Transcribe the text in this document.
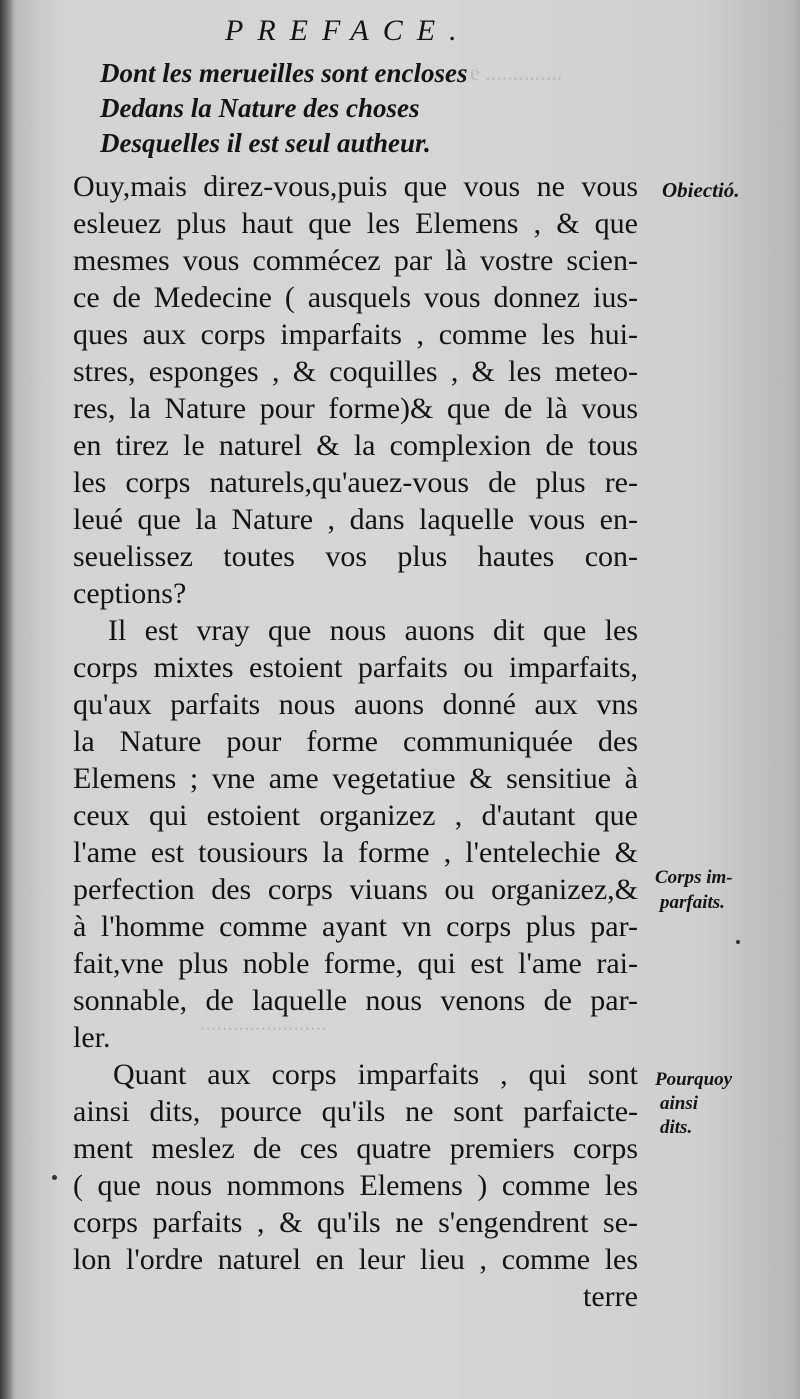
e ..............
.......................
PREFACE.
Dont les merueilles sont encloses
Dedans la Nature des choses
Desquelles il est seul autheur.
Ouy,mais direz-vous,puis que vous ne vous
esleuez plus haut que les Elemens , & que
mesmes vous commécez par là vostre scien-
ce de Medecine ( ausquels vous donnez ius-
ques aux corps imparfaits , comme les hui-
stres, esponges , & coquilles , & les meteo-
res, la Nature pour forme)& que de là vous
en tirez le naturel & la complexion de tous
les corps naturels,qu'auez-vous de plus re-
leué que la Nature , dans laquelle vous en-
seuelissez toutes vos plus hautes con-
ceptions?
Il est vray que nous auons dit que les
corps mixtes estoient parfaits ou imparfaits,
qu'aux parfaits nous auons donné aux vns
la Nature pour forme communiquée des
Elemens ; vne ame vegetatiue & sensitiue à
ceux qui estoient organizez , d'autant que
l'ame est tousiours la forme , l'entelechie &
perfection des corps viuans ou organizez,&
à l'homme comme ayant vn corps plus par-
fait,vne plus noble forme, qui est l'ame rai-
sonnable, de laquelle nous venons de par-
ler.
Quant aux corps imparfaits , qui sont
ainsi dits, pource qu'ils ne sont parfaicte-
ment meslez de ces quatre premiers corps
( que nous nommons Elemens ) comme les
corps parfaits , & qu'ils ne s'engendrent se-
lon l'ordre naturel en leur lieu , comme les
terre
Obiectió.
Corps im-
parfaits.
Pourquoy
ainsi
dits.
